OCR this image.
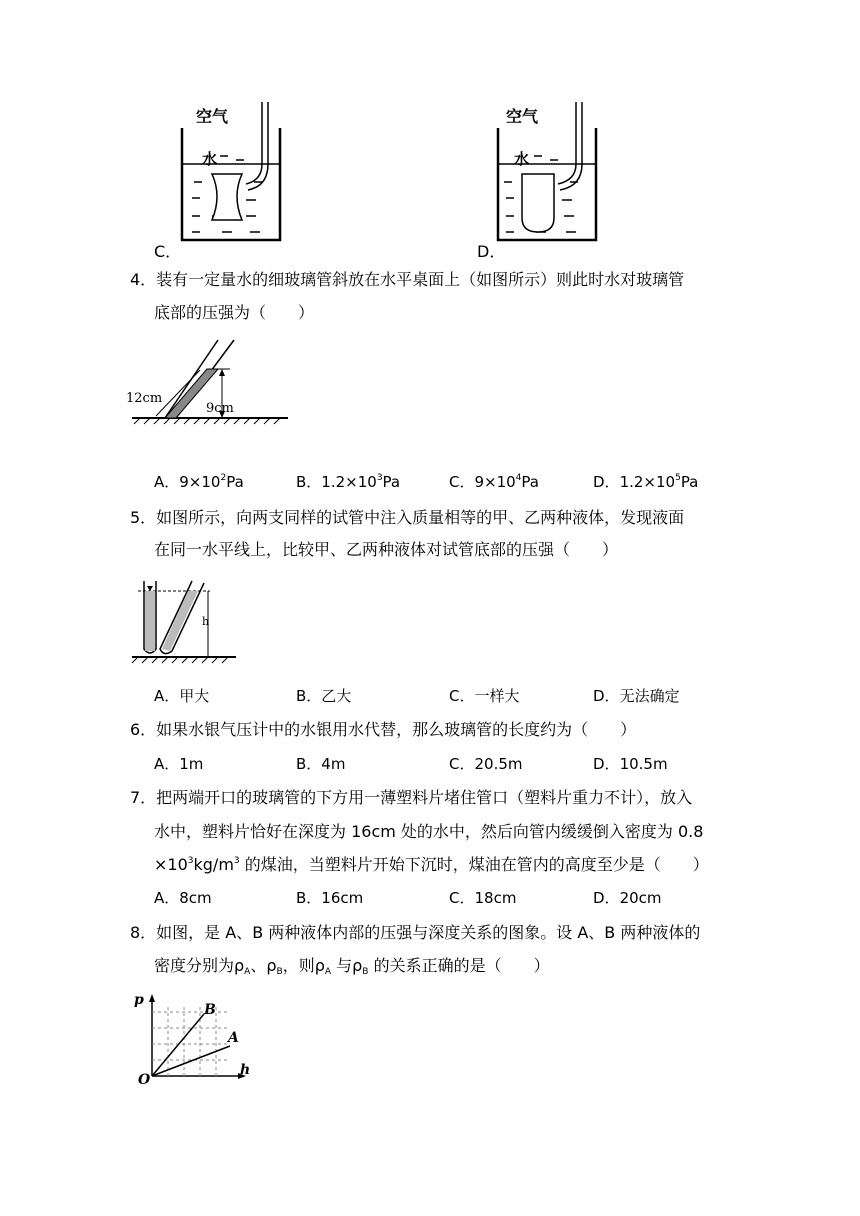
空气
水
C．
空气
水
D．
4．装有一定量水的细玻璃管斜放在水平桌面上（如图所示）则此时水对玻璃管
底部的压强为（　　）
12cm
9cm
A．$9\times 10^2Pa$	B．$1.2\times 10^3Pa$	C．$9\times 10^4Pa$	D．$1.2\times 10^5Pa$
5．如图所示，向两支同样的试管中注入质量相等的甲、乙两种液体，发现液面
在同一水平线上，比较甲、乙两种液体对试管底部的压强（　　）
h
A．甲大	B．乙大	C．一样大	D．无法确定
6．如果水银气压计中的水银用水代替，那么玻璃管的长度约为（　　）
A．1m	B．4m	C．20.5m	D．10.5m
7．把两端开口的玻璃管的下方用一薄塑料片堵住管口（塑料片重力不计），放入
水中，塑料片恰好在深度为 16cm 处的水中，然后向管内缓缓倒入密度为 0.8
$\times 10^3kg/m^3$ 的煤油，当塑料片开始下沉时，煤油在管内的高度至少是（　　）
A．8cm	B．16cm	C．18cm	D．20cm
8．如图，是 A、B 两种液体内部的压强与深度关系的图象。设 A、B 两种液体的
密度分别为$\rho_A$、$\rho_B$，则$\rho_A$ 与$\rho_B$ 的关系正确的是（　　）
p
h
O
B
A
